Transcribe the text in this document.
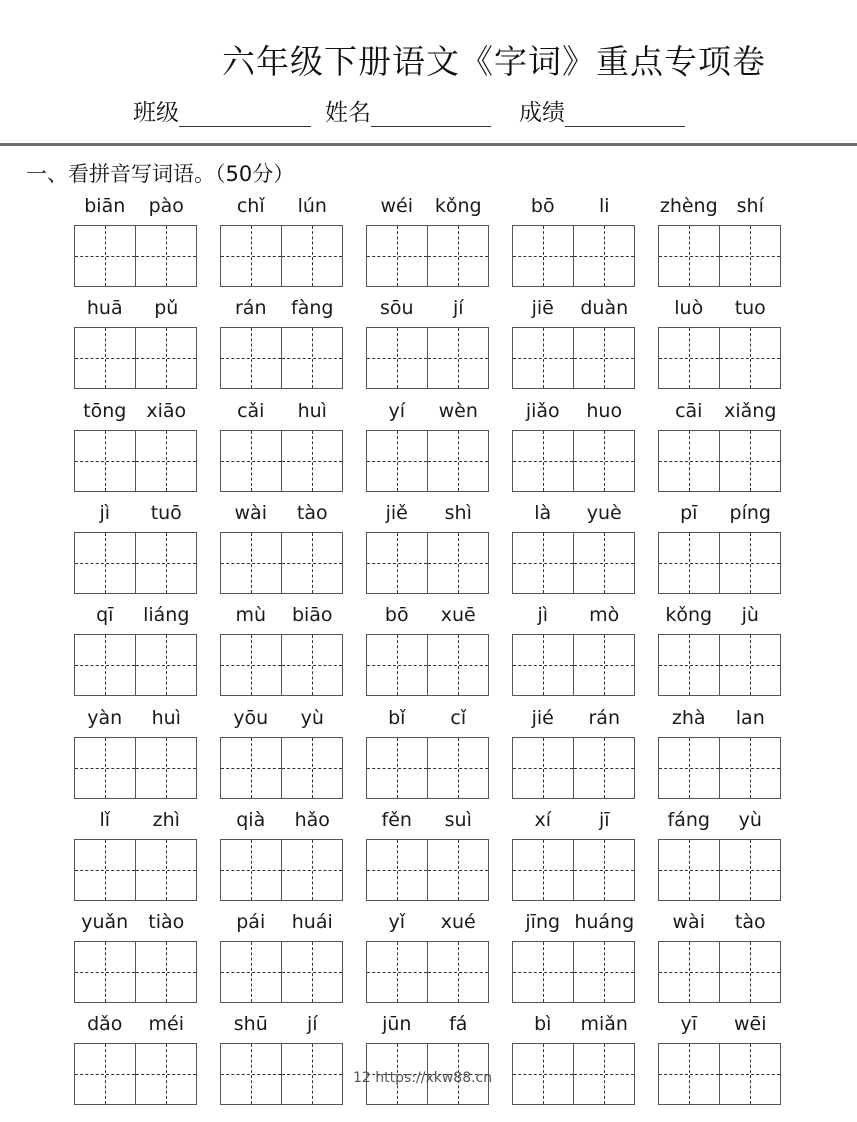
六年级下册语文《字词》重点专项卷
班级	姓名	成绩
一、看拼音写词语。（50分）
biān	pào	chǐ	lún	wéi	kǒng	bō	li	zhèng shí
huā	pǔ	rán	fàng	sōu	jí	jiē	duàn	luò	tuo
tōng	xiāo	cǎi	huì	yí	wèn	jiǎo	huo	cāi	xiǎng
jì	tuō	wài	tào	jiě	shì	là	yuè	pī	píng
qī	liáng	mù	biāo	bō	xuē	jì	mò	kǒng	jù
yàn	huì	yōu	yù	bǐ	cǐ	jié	rán	zhà	lan
lǐ	zhì	qià	hǎo	fěn	suì	xí	jī	fáng	yù
yuǎn	tiào	pái	huái	yǐ	xué	jīng huáng	wài	tào
dǎo	méi	shū	jí	jūn	fá	bì	miǎn	yī	wēi
12 https://xkw88.cn
